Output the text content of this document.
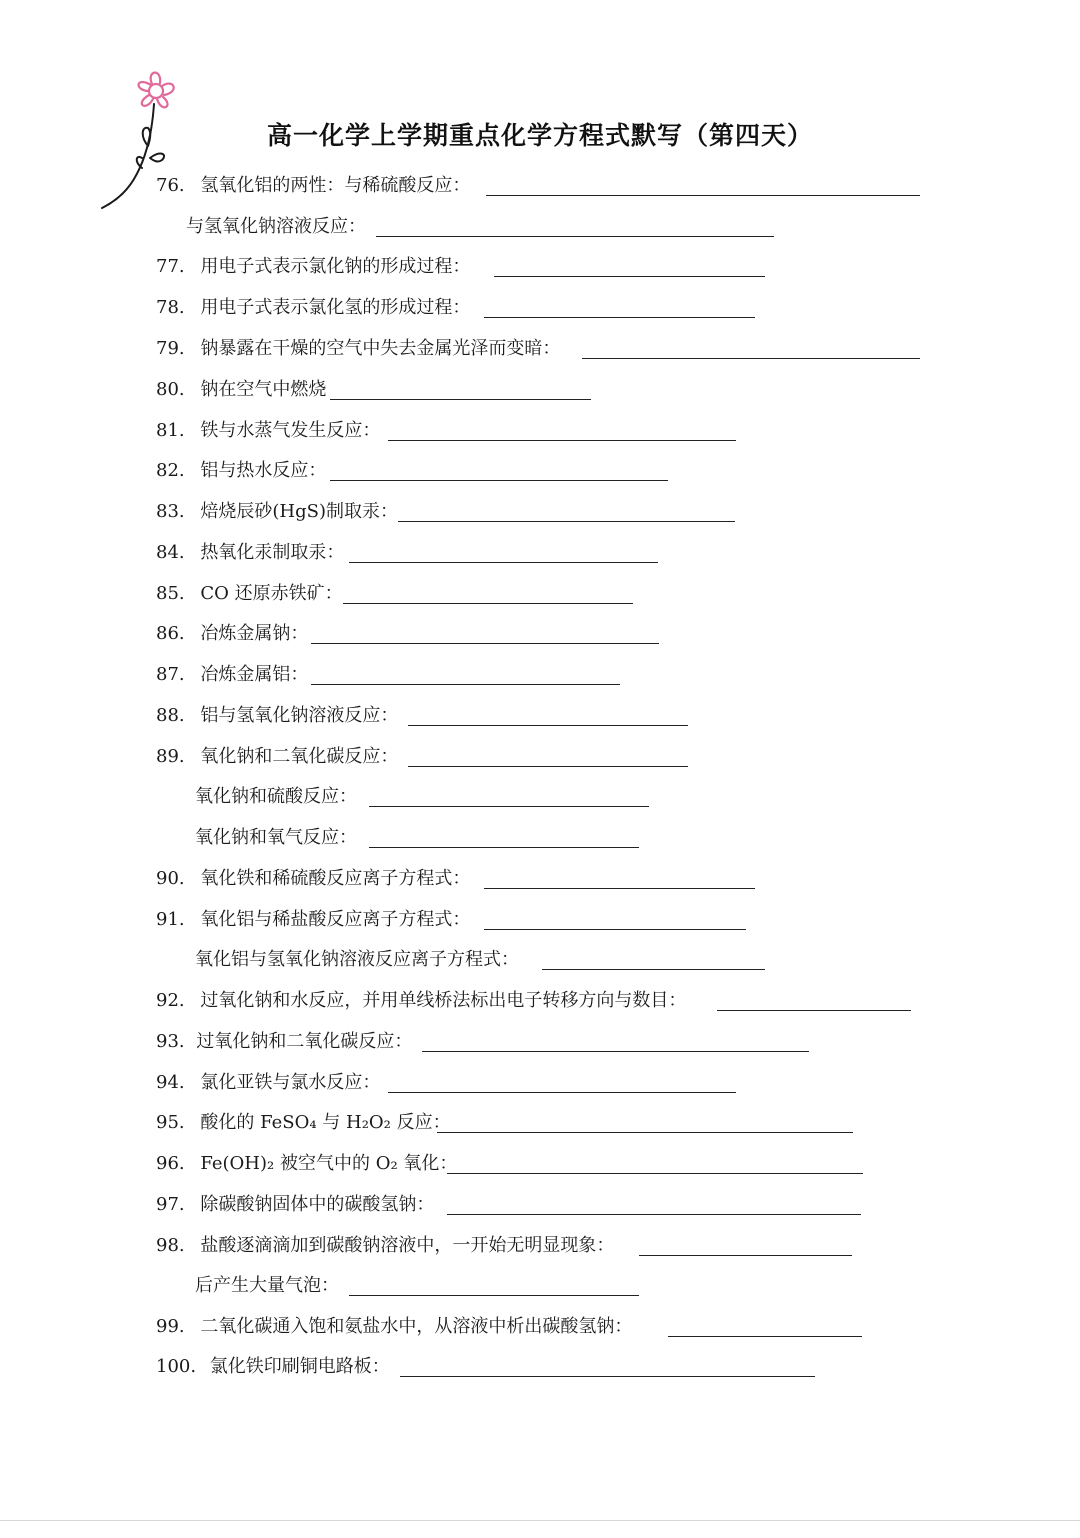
高一化学上学期重点化学方程式默写（第四天）
76. 氢氧化铝的两性：与稀硫酸反应：
与氢氧化钠溶液反应：
77. 用电子式表示氯化钠的形成过程：
78. 用电子式表示氯化氢的形成过程：
79. 钠暴露在干燥的空气中失去金属光泽而变暗：
80. 钠在空气中燃烧
81. 铁与水蒸气发生反应：
82. 铝与热水反应：
83. 焙烧辰砂(HgS)制取汞：
84. 热氧化汞制取汞：
85. CO 还原赤铁矿：
86. 冶炼金属钠：
87. 冶炼金属铝：
88. 铝与氢氧化钠溶液反应：
89. 氧化钠和二氧化碳反应：
氧化钠和硫酸反应：
氧化钠和氧气反应：
90. 氧化铁和稀硫酸反应离子方程式：
91. 氧化铝与稀盐酸反应离子方程式：
氧化铝与氢氧化钠溶液反应离子方程式：
92. 过氧化钠和水反应，并用单线桥法标出电子转移方向与数目：
93. 过氧化钠和二氧化碳反应：
94. 氯化亚铁与氯水反应：
95. 酸化的 FeSO₄ 与 H₂O₂ 反应：
96. Fe(OH)₂ 被空气中的 O₂ 氧化：
97. 除碳酸钠固体中的碳酸氢钠：
98. 盐酸逐滴滴加到碳酸钠溶液中，一开始无明显现象：
后产生大量气泡：
99. 二氧化碳通入饱和氨盐水中，从溶液中析出碳酸氢钠：
100. 氯化铁印刷铜电路板：
